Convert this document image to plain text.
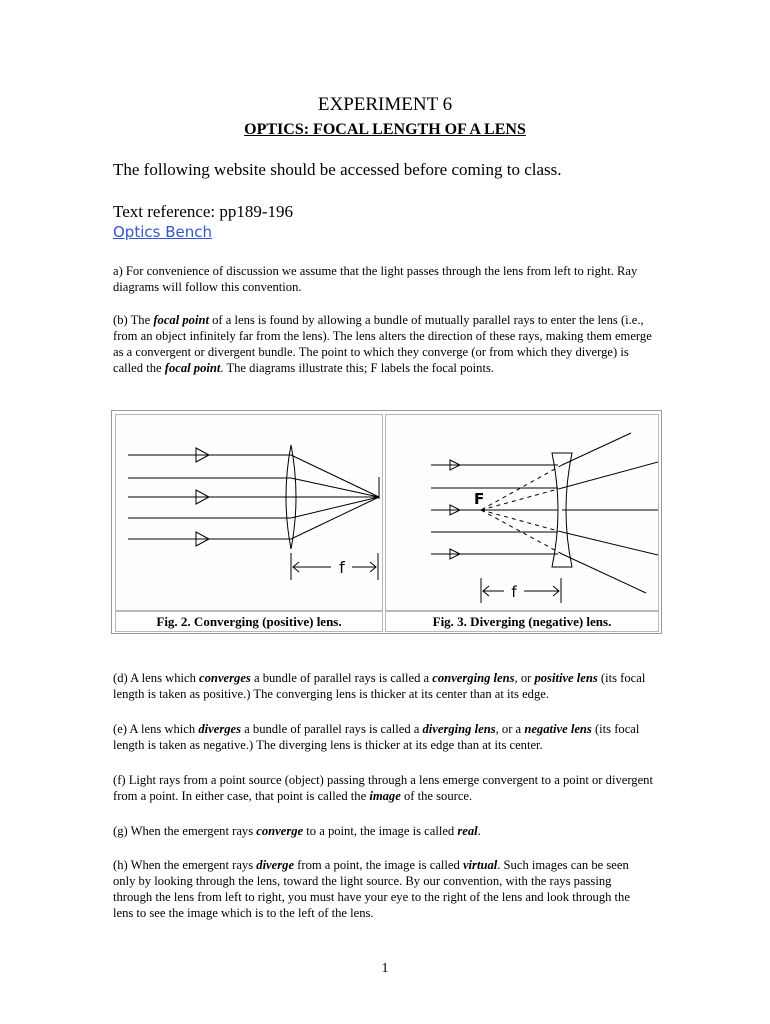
EXPERIMENT 6
OPTICS: FOCAL LENGTH OF A LENS
The following website should be accessed before coming to class.
Text reference: pp189-196
Optics Bench
a) For convenience of discussion we assume that the light passes through the lens from left to right. Ray diagrams will follow this convention.
(b) The focal point of a lens is found by allowing a bundle of mutually parallel rays to enter the lens (i.e., from an object infinitely far from the lens). The lens alters the direction of these rays, making them emerge as a convergent or divergent bundle. The point to which they converge (or from which they diverge) is called the focal point. The diagrams illustrate this; F labels the focal points.
f
F
f
Fig. 2. Converging (positive) lens.	Fig. 3. Diverging (negative) lens.
(d) A lens which converges a bundle of parallel rays is called a converging lens, or positive lens (its focal length is taken as positive.) The converging lens is thicker at its center than at its edge.
(e) A lens which diverges a bundle of parallel rays is called a diverging lens, or a negative lens (its focal length is taken as negative.) The diverging lens is thicker at its edge than at its center.
(f) Light rays from a point source (object) passing through a lens emerge convergent to a point or divergent from a point. In either case, that point is called the image of the source.
(g) When the emergent rays converge to a point, the image is called real.
(h) When the emergent rays diverge from a point, the image is called virtual. Such images can be seen only by looking through the lens, toward the light source. By our convention, with the rays passing through the lens from left to right, you must have your eye to the right of the lens and look through the lens to see the image which is to the left of the lens.
1
